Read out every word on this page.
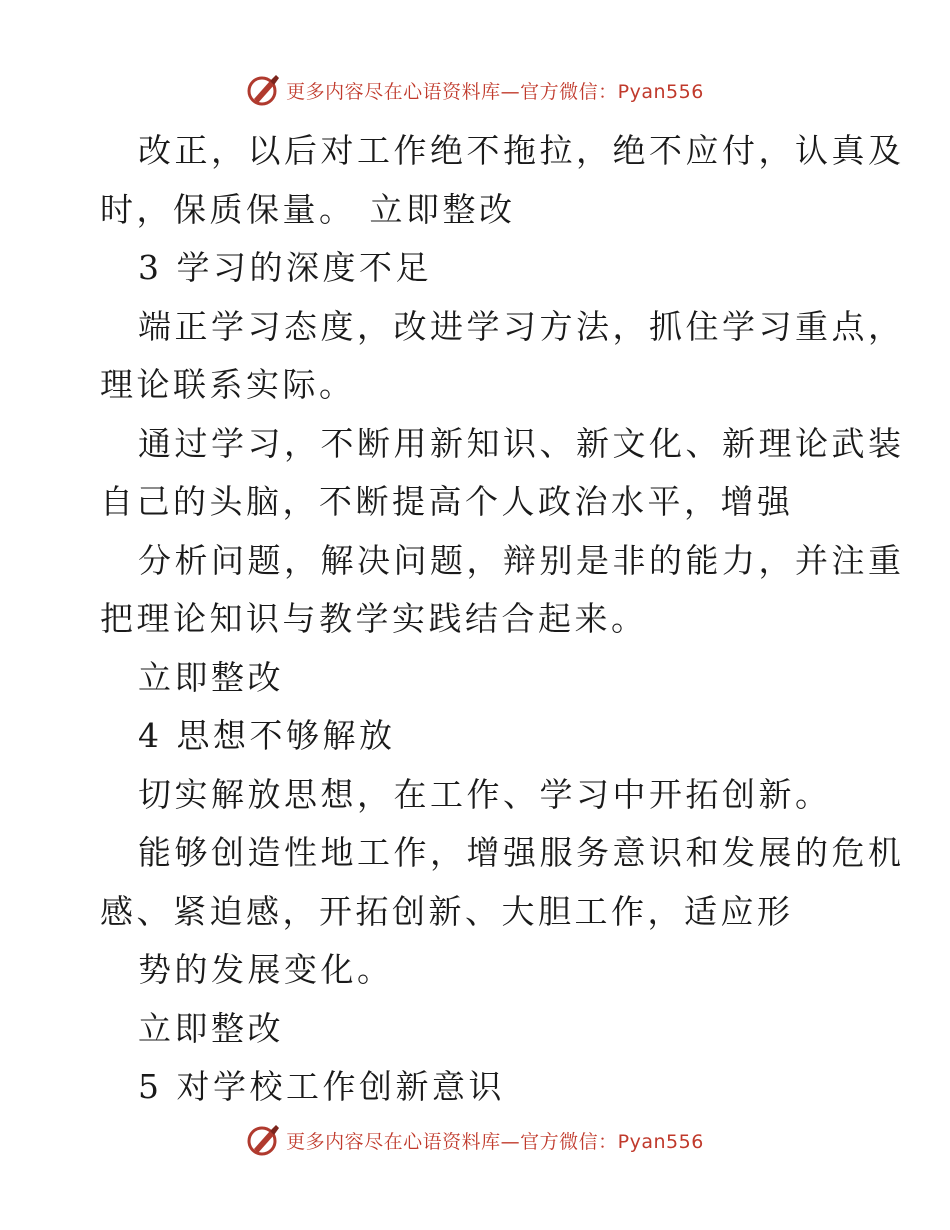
更多内容尽在心语资料库—官方微信：Pyan556
改正，以后对工作绝不拖拉，绝不应付，认真及
时，保质保量。 立即整改
3 学习的深度不足
端正学习态度，改进学习方法，抓住学习重点，
理论联系实际。
通过学习，不断用新知识、新文化、新理论武装
自己的头脑，不断提高个人政治水平，增强
分析问题，解决问题，辩别是非的能力，并注重
把理论知识与教学实践结合起来。
立即整改
4 思想不够解放
切实解放思想，在工作、学习中开拓创新。
能够创造性地工作，增强服务意识和发展的危机
感、紧迫感，开拓创新、大胆工作，适应形
势的发展变化。
立即整改
5 对学校工作创新意识
更多内容尽在心语资料库—官方微信：Pyan556
